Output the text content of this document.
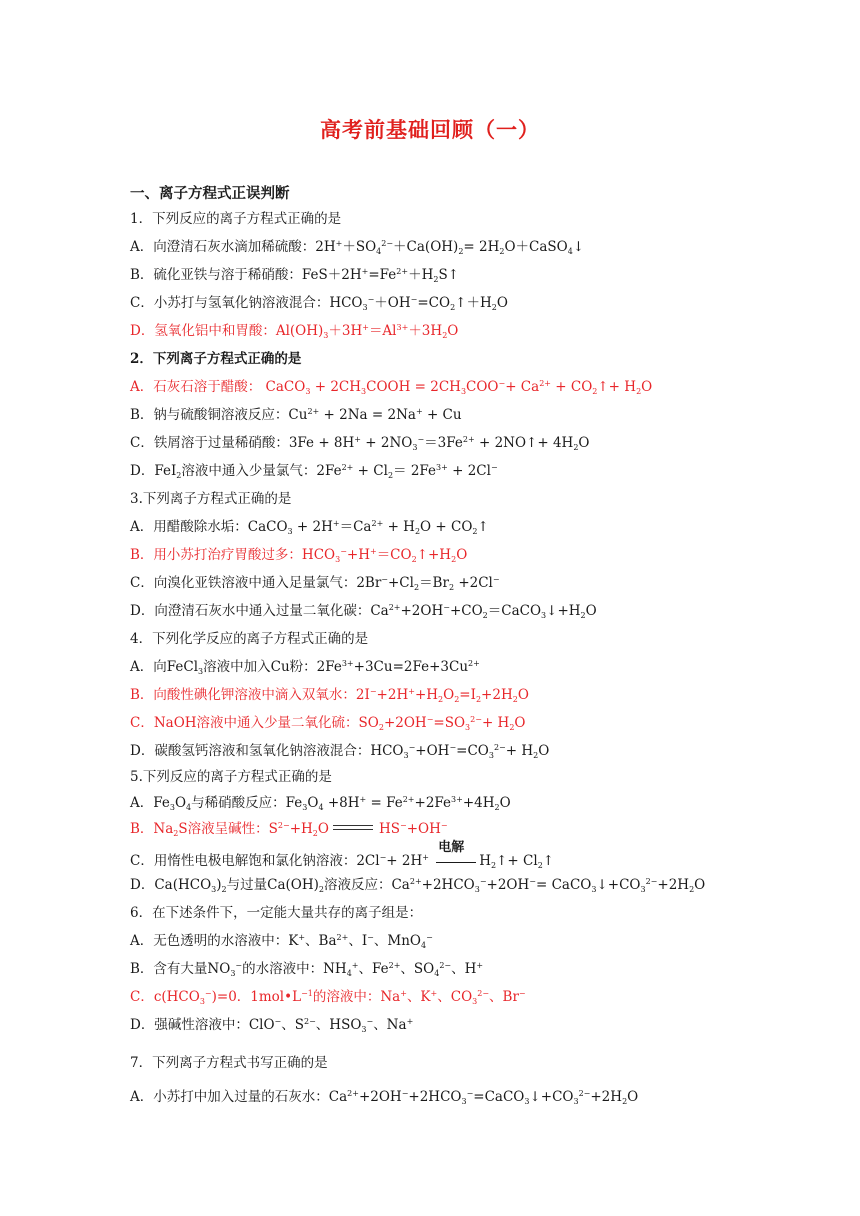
高考前基础回顾（一）
一、离子方程式正误判断
1．下列反应的离子方程式正确的是
A．向澄清石灰水滴加稀硫酸：$2H^++SO_4^{2-}+Ca(OH)_2=$ $2H_2O+CaSO_4↓$
B．硫化亚铁与溶于稀硝酸：$FeS+2H^+=Fe^{2+}+H_2S↑$
C．小苏打与氢氧化钠溶液混合：$HCO_3^-+OH^-=CO_2↑+H_2O$
D．氢氧化铝中和胃酸：$Al(OH)_3+3H^+=Al^{3+}+3H_2O$
2．下列离子方程式正确的是
A．石灰石溶于醋酸： CaCO$_3$ + $2CH_3COOH = 2CH_3COO^-+ Ca^{2+}$ + $CO_2↑+ H_2O$
B．钠与硫酸铜溶液反应：$Cu^{2+} + 2Na = 2Na^+ + Cu$
C．铁屑溶于过量稀硝酸：$3Fe + 8H^+ + 2NO_3^-=3Fe^{2+}$ + 2NO↑+ $4H_2O$
D．FeI$_2$溶液中通入少量氯气：$2Fe^{2+} + Cl_2= 2Fe^{3+} + 2Cl^-$
3.下列离子方程式正确的是
A．用醋酸除水垢：CaCO$_3$ + $2H^+=Ca^{2+} + H_2O$ + $CO_2↑$
B．用小苏打治疗胃酸过多：$HCO_3^-+H^+=CO_2↑+H_2O$
C．向溴化亚铁溶液中通入足量氯气：$2Br^-+Cl_2=Br_2 +2Cl^-$
D．向澄清石灰水中通入过量二氧化碳：$Ca^{2+}+2OH^-+CO_2=CaCO_3↓+H_2O$
4．下列化学反应的离子方程式正确的是
A．向FeCl$_3$溶液中加入Cu粉：$2Fe^{3+}+3Cu=2Fe+3Cu^{2+}$
B．向酸性碘化钾溶液中滴入双氧水：$2I^-+2H^++H_2O_2=I_2+2H_2O$
C．NaOH溶液中通入少量二氧化硫：$SO_2+2OH^-=SO_3^{2-}+ H_2O$
D．碳酸氢钙溶液和氢氧化钠溶液混合：$HCO_3^-+OH^-=CO_3^{2-}+ H_2O$
5.下列反应的离子方程式正确的是
A．$Fe_3O_4$与稀硝酸反应：$Fe_3O_4 +8H^+ = Fe^{2+}+2Fe^{3+}+4H_2O$
B．$Na_2S$溶液呈碱性：$S^{2-}+H_2O$	HS−+OH−
C．用惰性电极电解饱和氯化钠溶液：2Cl−+ 2H+
电解
$H_2↑+$ $Cl_2↑$
D．$Ca(HCO_3)_2$与过量$Ca(OH)_2$溶液反应：$Ca^{2+}+2HCO_3^-+2OH^-=$ $CaCO_3↓+CO_3^{2-}+2H_2O$
6．在下述条件下，一定能大量共存的离子组是：
A．无色透明的水溶液中：K+、$Ba^{2+}$、I−、MnO$_4$−
B．含有大量$NO_3^-$的水溶液中：$NH_4^+$、$Fe^{2+}$、$SO_4^{2-}$、H+
C．$c(HCO_3^-)=0$．$1mol•L^{-1}$的溶液中：Na+、K+、$CO_3^{2-}$、Br−
D．强碱性溶液中：ClO−、$S^{2-}$、$HSO_3^-$、Na+
7．下列离子方程式书写正确的是
A．小苏打中加入过量的石灰水：$Ca^{2+}+2OH^-+2HCO_3^-=CaCO_3↓+CO_3^{2-}+2H_2O$
